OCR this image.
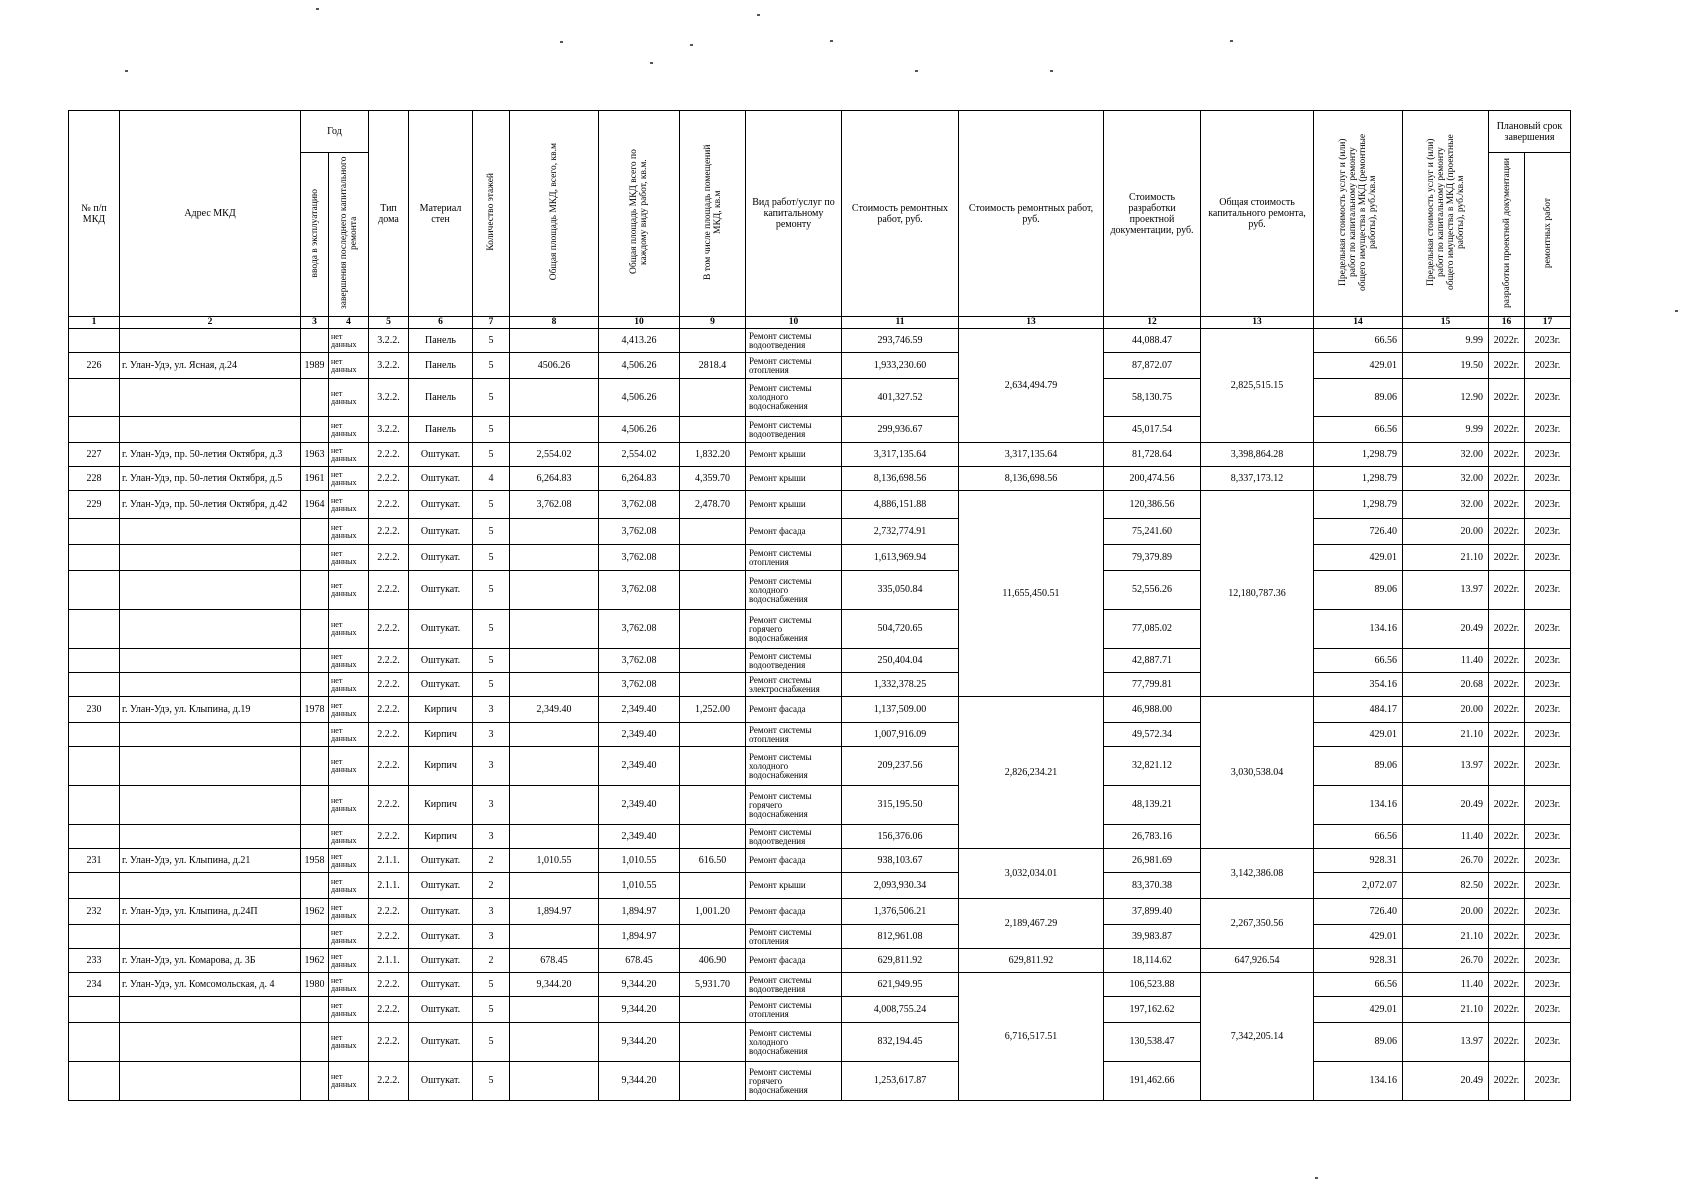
№ п/п МКД	Адрес МКД	Год		Тип дома	Материал стен	Количество этажей	Общая площадь МКД, всего, кв.м	Общая площадь МКД всего по каждому виду работ, кв.м.	В том числе площадь помещений МКД, кв.м	Вид работ/услуг по капитальному ремонту	Стоимость ремонтных работ, руб.	Стоимость ремонтных работ, руб.	Стоимость разработки проектной документации, руб.	Общая стоимость капитального ремонта, руб.	Предельная стоимость услуг и (или) работ по капитальному ремонту общего имущества в МКД (ремонтные работы), руб./кв.м	Предельная стоимость услуг и (или) работ по капитальному ремонту общего имущества в МКД (проектные работы), руб./кв.м	Плановый срок завершения	
		ввода в эксплуатацию	завершения последнего капитального ремонта														разработки проектной документации	ремонтных работ
1	2	3	4	5	6	7	8	10	9	10	11	13	12	13	14	15	16	17
			нет данных	3.2.2.	Панель	5		4,413.26		Ремонт системы водоотведения	293,746.59	2,634,494.79	44,088.47	2,825,515.15	66.56	9.99	2022г.	2023г.
226	г. Улан-Удэ, ул. Ясная, д.24	1989	нет данных	3.2.2.	Панель	5	4506.26	4,506.26	2818.4	Ремонт системы отопления	1,933,230.60		87,872.07		429.01	19.50	2022г.	2023г.
			нет данных	3.2.2.	Панель	5		4,506.26		Ремонт системы холодного водоснабжения	401,327.52		58,130.75		89.06	12.90	2022г.	2023г.
			нет данных	3.2.2.	Панель	5		4,506.26		Ремонт системы водоотведения	299,936.67		45,017.54		66.56	9.99	2022г.	2023г.
227	г. Улан-Удэ, пр. 50-летия Октября, д.3	1963	нет данных	2.2.2.	Оштукат.	5	2,554.02	2,554.02	1,832.20	Ремонт крыши	3,317,135.64	3,317,135.64	81,728.64	3,398,864.28	1,298.79	32.00	2022г.	2023г.
228	г. Улан-Удэ, пр. 50-летия Октября, д.5	1961	нет данных	2.2.2.	Оштукат.	4	6,264.83	6,264.83	4,359.70	Ремонт крыши	8,136,698.56	8,136,698.56	200,474.56	8,337,173.12	1,298.79	32.00	2022г.	2023г.
229	г. Улан-Удэ, пр. 50-летия Октября, д.42	1964	нет данных	2.2.2.	Оштукат.	5	3,762.08	3,762.08	2,478.70	Ремонт крыши	4,886,151.88	11,655,450.51	120,386.56	12,180,787.36	1,298.79	32.00	2022г.	2023г.
			нет данных	2.2.2.	Оштукат.	5		3,762.08		Ремонт фасада	2,732,774.91		75,241.60		726.40	20.00	2022г.	2023г.
			нет данных	2.2.2.	Оштукат.	5		3,762.08		Ремонт системы отопления	1,613,969.94		79,379.89		429.01	21.10	2022г.	2023г.
			нет данных	2.2.2.	Оштукат.	5		3,762.08		Ремонт системы холодного водоснабжения	335,050.84		52,556.26		89.06	13.97	2022г.	2023г.
			нет данных	2.2.2.	Оштукат.	5		3,762.08		Ремонт системы горячего водоснабжения	504,720.65		77,085.02		134.16	20.49	2022г.	2023г.
			нет данных	2.2.2.	Оштукат.	5		3,762.08		Ремонт системы водоотведения	250,404.04		42,887.71		66.56	11.40	2022г.	2023г.
			нет данных	2.2.2.	Оштукат.	5		3,762.08		Ремонт системы электроснабжения	1,332,378.25		77,799.81		354.16	20.68	2022г.	2023г.
230	г. Улан-Удэ, ул. Клыпина, д.19	1978	нет данных	2.2.2.	Кирпич	3	2,349.40	2,349.40	1,252.00	Ремонт фасада	1,137,509.00	2,826,234.21	46,988.00	3,030,538.04	484.17	20.00	2022г.	2023г.
			нет данных	2.2.2.	Кирпич	3		2,349.40		Ремонт системы отопления	1,007,916.09		49,572.34		429.01	21.10	2022г.	2023г.
			нет данных	2.2.2.	Кирпич	3		2,349.40		Ремонт системы холодного водоснабжения	209,237.56		32,821.12		89.06	13.97	2022г.	2023г.
			нет данных	2.2.2.	Кирпич	3		2,349.40		Ремонт системы горячего водоснабжения	315,195.50		48,139.21		134.16	20.49	2022г.	2023г.
			нет данных	2.2.2.	Кирпич	3		2,349.40		Ремонт системы водоотведения	156,376.06		26,783.16		66.56	11.40	2022г.	2023г.
231	г. Улан-Удэ, ул. Клыпина, д.21	1958	нет данных	2.1.1.	Оштукат.	2	1,010.55	1,010.55	616.50	Ремонт фасада	938,103.67	3,032,034.01	26,981.69	3,142,386.08	928.31	26.70	2022г.	2023г.
			нет данных	2.1.1.	Оштукат.	2		1,010.55		Ремонт крыши	2,093,930.34		83,370.38		2,072.07	82.50	2022г.	2023г.
232	г. Улан-Удэ, ул. Клыпина, д.24П	1962	нет данных	2.2.2.	Оштукат.	3	1,894.97	1,894.97	1,001.20	Ремонт фасада	1,376,506.21	2,189,467.29	37,899.40	2,267,350.56	726.40	20.00	2022г.	2023г.
			нет данных	2.2.2.	Оштукат.	3		1,894.97		Ремонт системы отопления	812,961.08		39,983.87		429.01	21.10	2022г.	2023г.
233	г. Улан-Удэ, ул. Комарова, д. 3Б	1962	нет данных	2.1.1.	Оштукат.	2	678.45	678.45	406.90	Ремонт фасада	629,811.92	629,811.92	18,114.62	647,926.54	928.31	26.70	2022г.	2023г.
234	г. Улан-Удэ, ул. Комсомольская, д. 4	1980	нет данных	2.2.2.	Оштукат.	5	9,344.20	9,344.20	5,931.70	Ремонт системы водоотведения	621,949.95	6,716,517.51	106,523.88	7,342,205.14	66.56	11.40	2022г.	2023г.
			нет данных	2.2.2.	Оштукат.	5		9,344.20		Ремонт системы отопления	4,008,755.24		197,162.62		429.01	21.10	2022г.	2023г.
			нет данных	2.2.2.	Оштукат.	5		9,344.20		Ремонт системы холодного водоснабжения	832,194.45		130,538.47		89.06	13.97	2022г.	2023г.
			нет данных	2.2.2.	Оштукат.	5		9,344.20		Ремонт системы горячего водоснабжения	1,253,617.87		191,462.66		134.16	20.49	2022г.	2023г.
